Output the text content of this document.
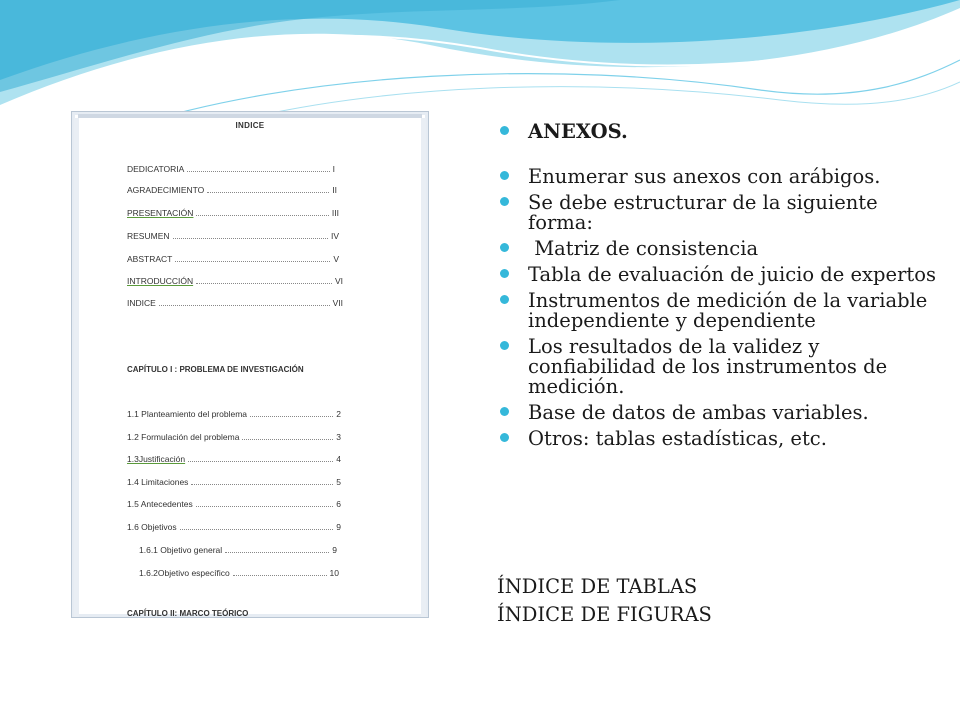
INDICE
DEDICATORIA	I
AGRADECIMIENTO	II
PRESENTACIÓN	III
RESUMEN	IV
ABSTRACT	V
INTRODUCCIÓN	VI
INDICE	VII
CAPÍTULO I : PROBLEMA DE INVESTIGACIÓN
1.1 Planteamiento del problema	2
1.2 Formulación del problema	3
1.3Justificación	4
1.4 Limitaciones	5
1.5 Antecedentes	6
1.6 Objetivos	9
1.6.1 Objetivo general	9
1.6.2Objetivo específico	10
CAPÍTULO II: MARCO TEÓRICO
ANEXOS.
Enumerar sus anexos con arábigos.
Se debe estructurar de la siguiente forma:
Matriz de consistencia
Tabla de evaluación de juicio de expertos
Instrumentos de medición de la variable independiente y dependiente
Los resultados de la validez y confiabilidad de los instrumentos de medición.
Base de datos de ambas variables.
Otros: tablas estadísticas, etc.
ÍNDICE DE TABLAS
ÍNDICE DE FIGURAS
